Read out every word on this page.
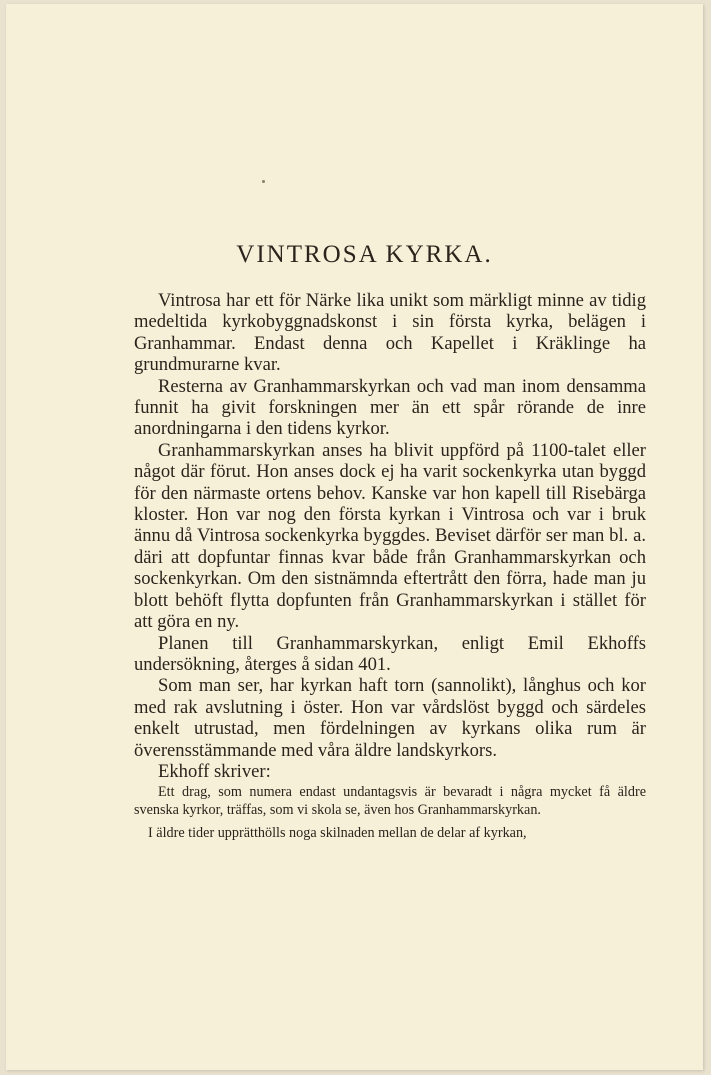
VINTROSA KYRKA.

Vintrosa har ett för Närke lika unikt som märkligt minne av tidig medeltida kyrkobyggnadskonst i sin första kyrka, belägen i Granhammar. Endast denna och Kapellet i Kräklinge ha grundmurarne kvar.

Resterna av Granhammarskyrkan och vad man inom densamma funnit ha givit forskningen mer än ett spår rörande de inre anordningarna i den tidens kyrkor.

Granhammarskyrkan anses ha blivit uppförd på 1100-talet eller något där förut. Hon anses dock ej ha varit sockenkyrka utan byggd för den närmaste ortens behov. Kanske var hon kapell till Risebärga kloster. Hon var nog den första kyrkan i Vintrosa och var i bruk ännu då Vintrosa sockenkyrka byggdes. Beviset därför ser man bl. a. däri att dopfuntar finnas kvar både från Granhammarskyrkan och sockenkyrkan. Om den sistnämnda eftertrått den förra, hade man ju blott behöft flytta dopfunten från Granhammarskyrkan i stället för att göra en ny.

Planen till Granhammarskyrkan, enligt Emil Ekhoffs undersökning, återges å sidan 401.

Som man ser, har kyrkan haft torn (sannolikt), långhus och kor med rak avslutning i öster. Hon var vårdslöst byggd och särdeles enkelt utrustad, men fördelningen av kyrkans olika rum är överensstämmande med våra äldre landskyrkors.

Ekhoff skriver:

Ett drag, som numera endast undantagsvis är bevaradt i några mycket få äldre svenska kyrkor, träffas, som vi skola se, även hos Granhammarskyrkan.

I äldre tider upprätthölls noga skilnaden mellan de delar af kyrkan,
